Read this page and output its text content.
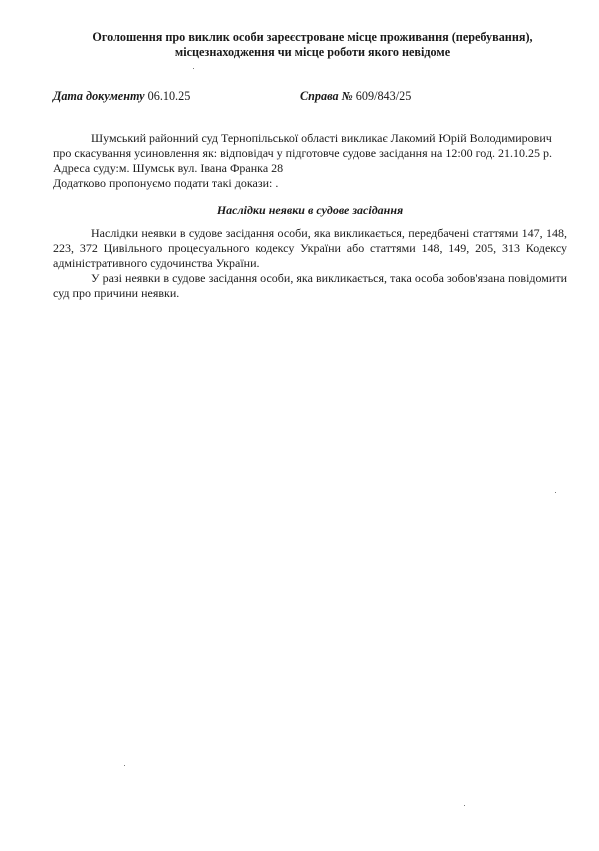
Оголошення про виклик особи зареєстроване місце проживання (перебування),
місцезнаходження чи місце роботи якого невідоме
Дата документу 06.10.25	Справа № 609/843/25
Шумський районний суд Тернопільської області викликає Лакомий Юрій Володимирович
про скасування усиновлення як: відповідач у підготовче судове засідання на 12:00 год. 21.10.25 р.
Адреса суду:м. Шумськ вул. Івана Франка 28
Додатково пропонуємо подати такі докази: .
Наслідки неявки в судове засідання

Наслідки неявки в судове засідання особи, яка викликається, передбачені статтями 147, 148, 223, 372 Цивільного процесуального кодексу України або статтями 148, 149, 205, 313 Кодексу адміністративного судочинства України.

У разі неявки в судове засідання особи, яка викликається, така особа зобов'язана повідомити суд про причини неявки.
